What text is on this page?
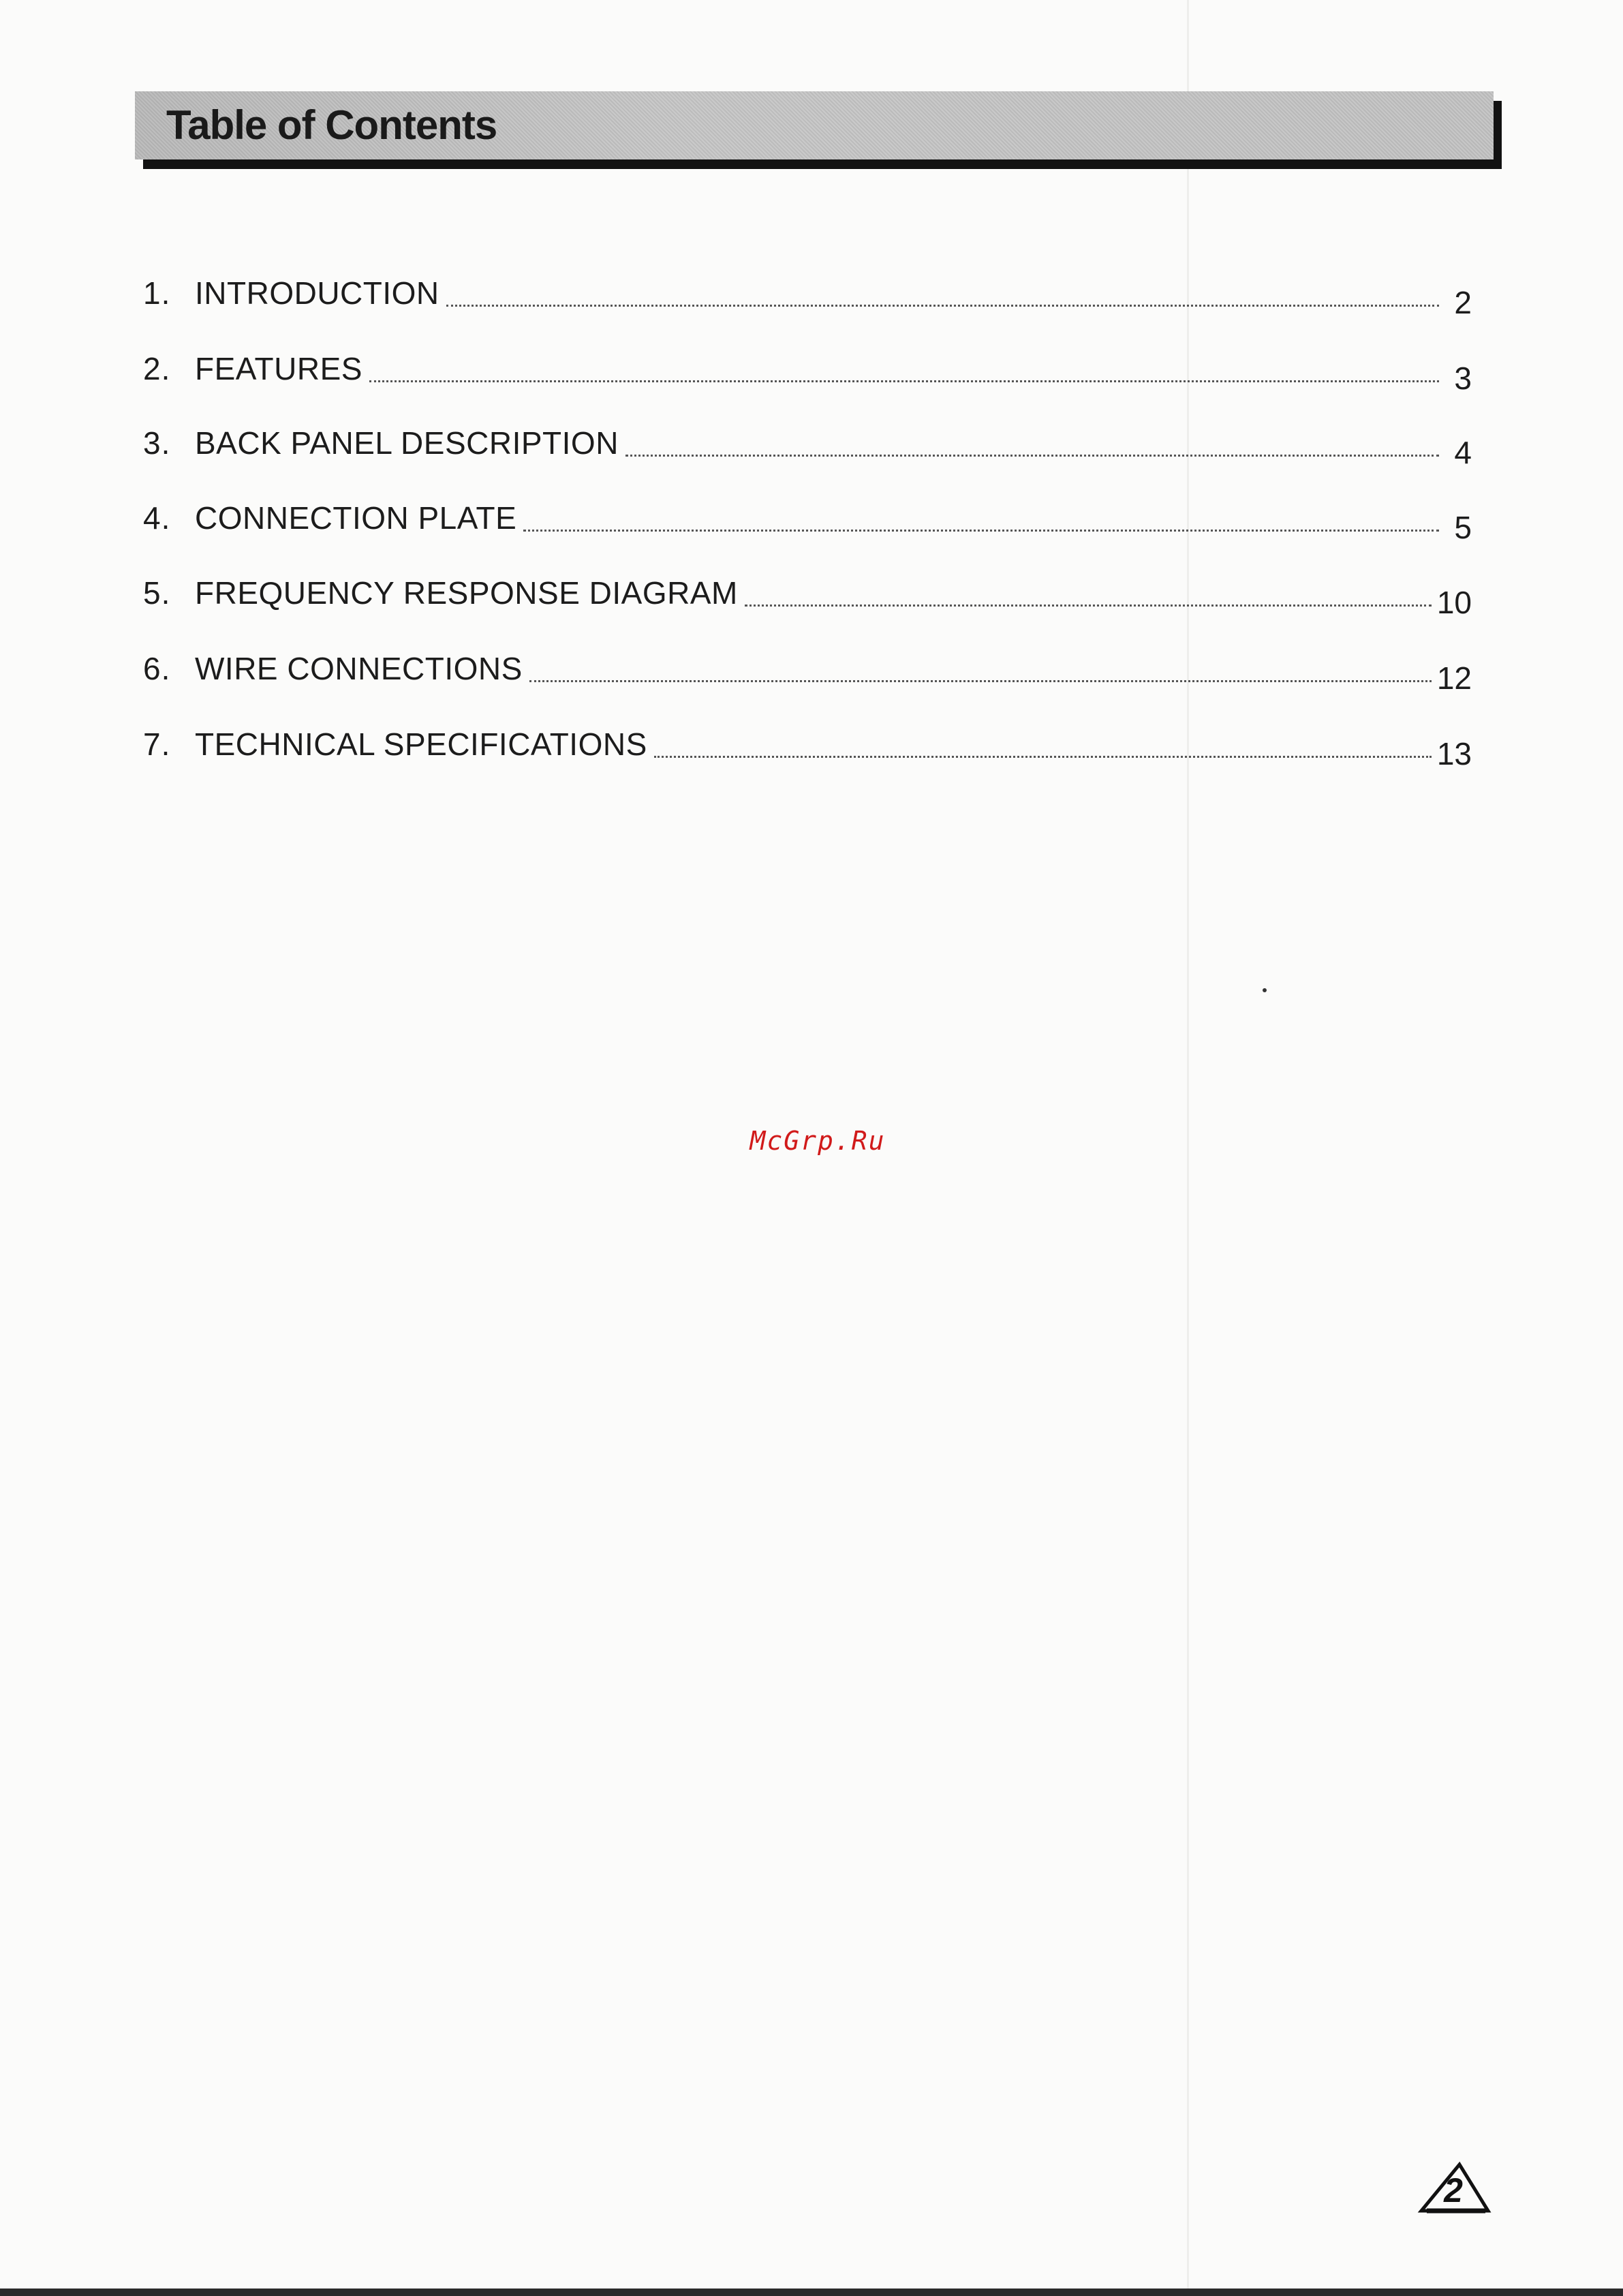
Table of Contents
1. INTRODUCTION	2
2. FEATURES	3
3. BACK PANEL DESCRIPTION	4
4. CONNECTION PLATE	5
5. FREQUENCY RESPONSE DIAGRAM	10
6. WIRE CONNECTIONS	12
7. TECHNICAL SPECIFICATIONS	13
McGrp.Ru
2
